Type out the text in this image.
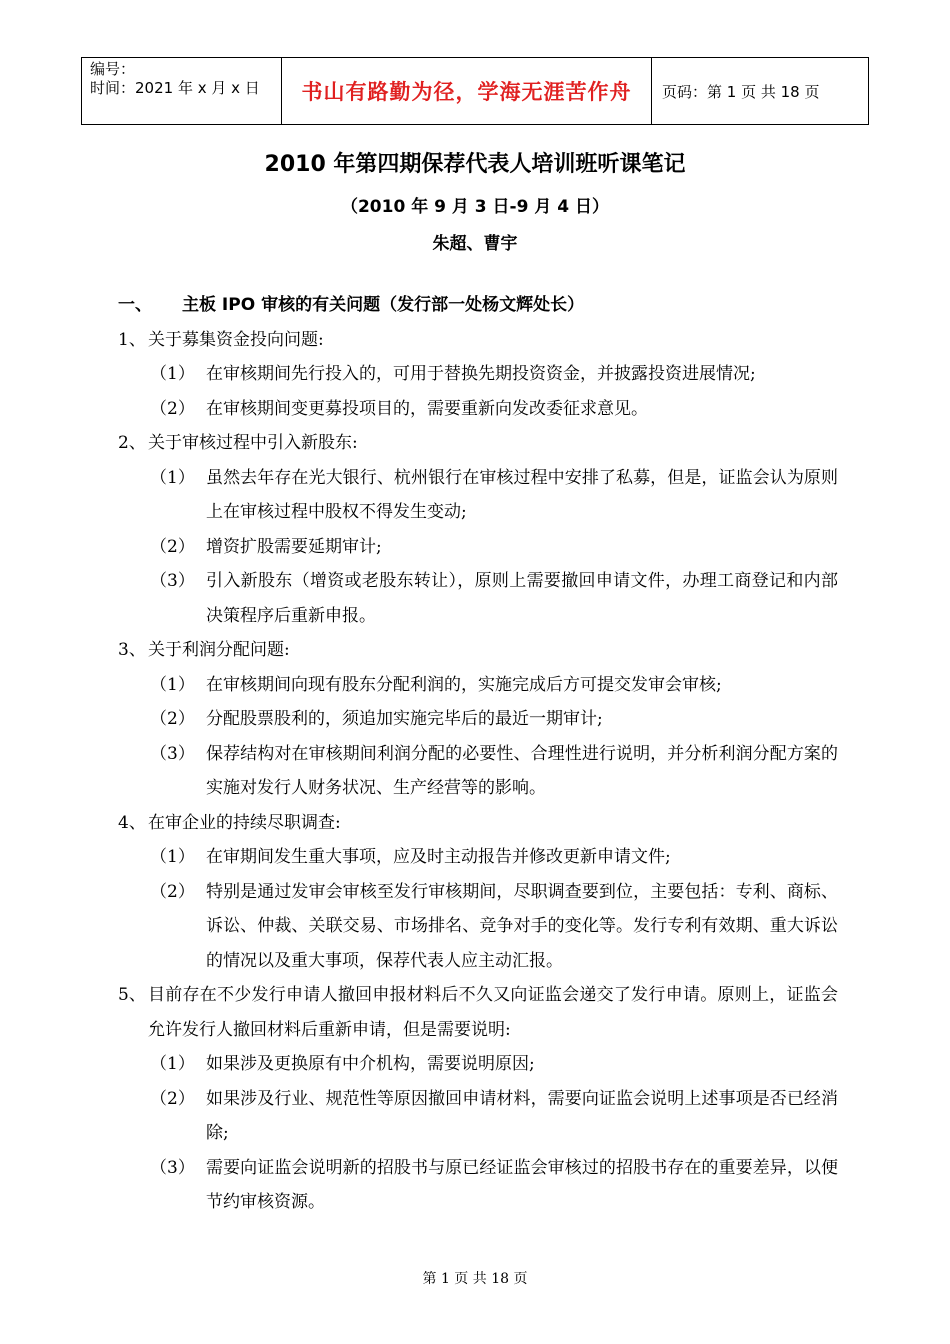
编号：
时间：2021 年 x 月 x 日	书山有路勤为径，学海无涯苦作舟	页码：第 1 页 共 18 页
2010 年第四期保荐代表人培训班听课笔记
（2010 年 9 月 3 日-9 月 4 日）
朱超、曹宇
一、 主板 IPO 审核的有关问题（发行部一处杨文辉处长）
1、 关于募集资金投向问题:
（1） 在审核期间先行投入的，可用于替换先期投资资金，并披露投资进展情况;
（2） 在审核期间变更募投项目的，需要重新向发改委征求意见。
2、 关于审核过程中引入新股东:
（1） 虽然去年存在光大银行、杭州银行在审核过程中安排了私募，但是，证监会认为原则上在审核过程中股权不得发生变动;
（2） 增资扩股需要延期审计;
（3） 引入新股东（增资或老股东转让），原则上需要撤回申请文件，办理工商登记和内部决策程序后重新申报。
3、 关于利润分配问题:
（1） 在审核期间向现有股东分配利润的，实施完成后方可提交发审会审核;
（2） 分配股票股利的，须追加实施完毕后的最近一期审计;
（3） 保荐结构对在审核期间利润分配的必要性、合理性进行说明，并分析利润分配方案的实施对发行人财务状况、生产经营等的影响。
4、 在审企业的持续尽职调查:
（1） 在审期间发生重大事项，应及时主动报告并修改更新申请文件;
（2） 特别是通过发审会审核至发行审核期间，尽职调查要到位，主要包括：专利、商标、诉讼、仲裁、关联交易、市场排名、竞争对手的变化等。发行专利有效期、重大诉讼的情况以及重大事项，保荐代表人应主动汇报。
5、 目前存在不少发行申请人撤回申报材料后不久又向证监会递交了发行申请。原则上，证监会允许发行人撤回材料后重新申请，但是需要说明:
（1） 如果涉及更换原有中介机构，需要说明原因;
（2） 如果涉及行业、规范性等原因撤回申请材料，需要向证监会说明上述事项是否已经消除;
（3） 需要向证监会说明新的招股书与原已经证监会审核过的招股书存在的重要差异，以便节约审核资源。
第 1 页 共 18 页
